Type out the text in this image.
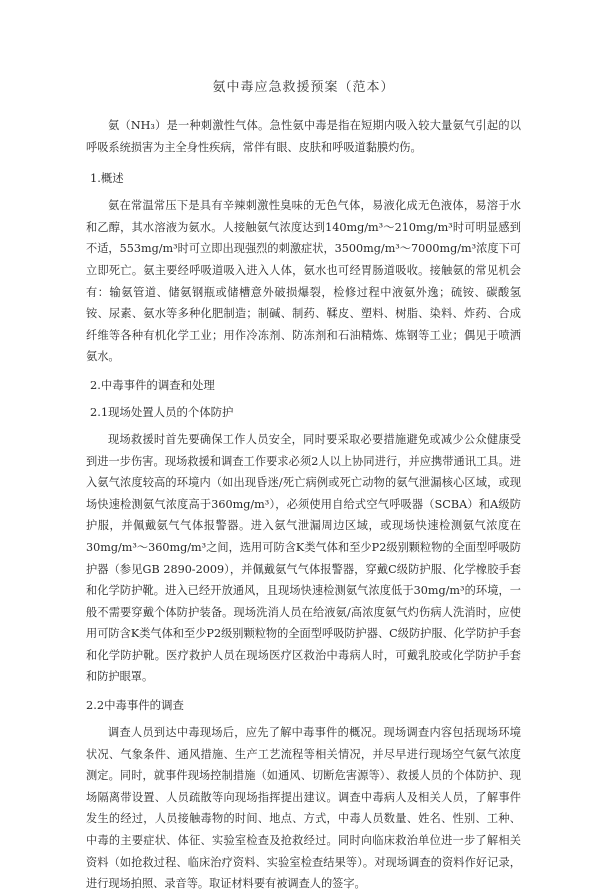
氨中毒应急救援预案（范本）

氨（NH₃）是一种刺激性气体。急性氨中毒是指在短期内吸入较大量氨气引起的以呼吸系统损害为主全身性疾病，常伴有眼、皮肤和呼吸道黏膜灼伤。

1.概述

氨在常温常压下是具有辛辣刺激性臭味的无色气体，易液化成无色液体，易溶于水和乙醇，其水溶液为氨水。人接触氨气浓度达到140mg/m³～210mg/m³时可明显感到不适，553mg/m³时可立即出现强烈的刺激症状，3500mg/m³～7000mg/m³浓度下可立即死亡。氨主要经呼吸道吸入进入人体，氨水也可经胃肠道吸收。接触氨的常见机会有：输氨管道、储氨钢瓶或储槽意外破损爆裂，检修过程中液氨外逸；硫铵、碳酸氢铵、尿素、氨水等多种化肥制造；制碱、制药、鞣皮、塑料、树脂、染料、炸药、合成纤维等各种有机化学工业；用作冷冻剂、防冻剂和石油精炼、炼钢等工业；偶见于喷洒氨水。

2.中毒事件的调查和处理
2.1现场处置人员的个体防护

现场救援时首先要确保工作人员安全，同时要采取必要措施避免或减少公众健康受到进一步伤害。现场救援和调查工作要求必须2人以上协同进行，并应携带通讯工具。进入氨气浓度较高的环境内（如出现昏迷/死亡病例或死亡动物的氨气泄漏核心区域，或现场快速检测氨气浓度高于360mg/m³），必须使用自给式空气呼吸器（SCBA）和A级防护服，并佩戴氨气气体报警器。进入氨气泄漏周边区域，或现场快速检测氨气浓度在30mg/m³～360mg/m³之间，选用可防含K类气体和至少P2级别颗粒物的全面型呼吸防护器（参见GB 2890-2009），并佩戴氨气气体报警器，穿戴C级防护服、化学橡胶手套和化学防护靴。进入已经开放通风，且现场快速检测氨气浓度低于30mg/m³的环境，一般不需要穿戴个体防护装备。现场洗消人员在给液氨/高浓度氨气灼伤病人洗消时，应使用可防含K类气体和至少P2级别颗粒物的全面型呼吸防护器、C级防护服、化学防护手套和化学防护靴。医疗救护人员在现场医疗区救治中毒病人时，可戴乳胶或化学防护手套和防护眼罩。

2.2中毒事件的调查

调查人员到达中毒现场后，应先了解中毒事件的概况。现场调查内容包括现场环境状况、气象条件、通风措施、生产工艺流程等相关情况，并尽早进行现场空气氨气浓度测定。同时，就事件现场控制措施（如通风、切断危害源等）、救援人员的个体防护、现场隔离带设置、人员疏散等向现场指挥提出建议。调查中毒病人及相关人员，了解事件发生的经过，人员接触毒物的时间、地点、方式，中毒人员数量、姓名、性别、工种、中毒的主要症状、体征、实验室检查及抢救经过。同时向临床救治单位进一步了解相关资料（如抢救过程、临床治疗资料、实验室检查结果等）。对现场调查的资料作好记录，进行现场拍照、录音等。取证材料要有被调查人的签字。
